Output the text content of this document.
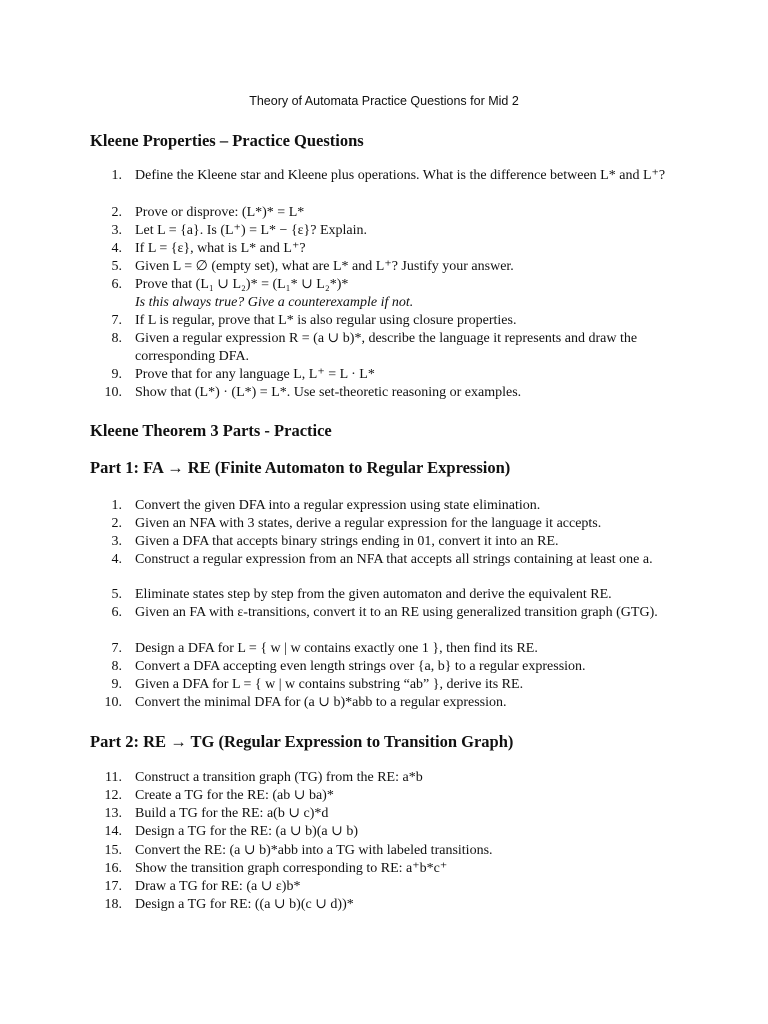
Theory of Automata Practice Questions for Mid 2
Kleene Properties – Practice Questions
1. Define the Kleene star and Kleene plus operations. What is the difference between L* and L⁺?
2. Prove or disprove: (L*)* = L*
3. Let L = {a}. Is (L⁺) = L* − {ε}? Explain.
4. If L = {ε}, what is L* and L⁺?
5. Given L = ∅ (empty set), what are L* and L⁺? Justify your answer.
6. Prove that (L₁ ∪ L₂)* = (L₁* ∪ L₂*)*
Is this always true? Give a counterexample if not.
7. If L is regular, prove that L* is also regular using closure properties.
8. Given a regular expression R = (a ∪ b)*, describe the language it represents and draw the corresponding DFA.
9. Prove that for any language L, L⁺ = L · L*
10. Show that (L*) · (L*) = L*. Use set-theoretic reasoning or examples.
Kleene Theorem 3 Parts - Practice
Part 1: FA → RE (Finite Automaton to Regular Expression)
1. Convert the given DFA into a regular expression using state elimination.
2. Given an NFA with 3 states, derive a regular expression for the language it accepts.
3. Given a DFA that accepts binary strings ending in 01, convert it into an RE.
4. Construct a regular expression from an NFA that accepts all strings containing at least one a.
5. Eliminate states step by step from the given automaton and derive the equivalent RE.
6. Given an FA with ε-transitions, convert it to an RE using generalized transition graph (GTG).
7. Design a DFA for L = { w | w contains exactly one 1 }, then find its RE.
8. Convert a DFA accepting even length strings over {a, b} to a regular expression.
9. Given a DFA for L = { w | w contains substring “ab” }, derive its RE.
10. Convert the minimal DFA for (a ∪ b)*abb to a regular expression.
Part 2: RE → TG (Regular Expression to Transition Graph)
11. Construct a transition graph (TG) from the RE: a*b
12. Create a TG for the RE: (ab ∪ ba)*
13. Build a TG for the RE: a(b ∪ c)*d
14. Design a TG for the RE: (a ∪ b)(a ∪ b)
15. Convert the RE: (a ∪ b)*abb into a TG with labeled transitions.
16. Show the transition graph corresponding to RE: a⁺b*c⁺
17. Draw a TG for RE: (a ∪ ε)b*
18. Design a TG for RE: ((a ∪ b)(c ∪ d))*
